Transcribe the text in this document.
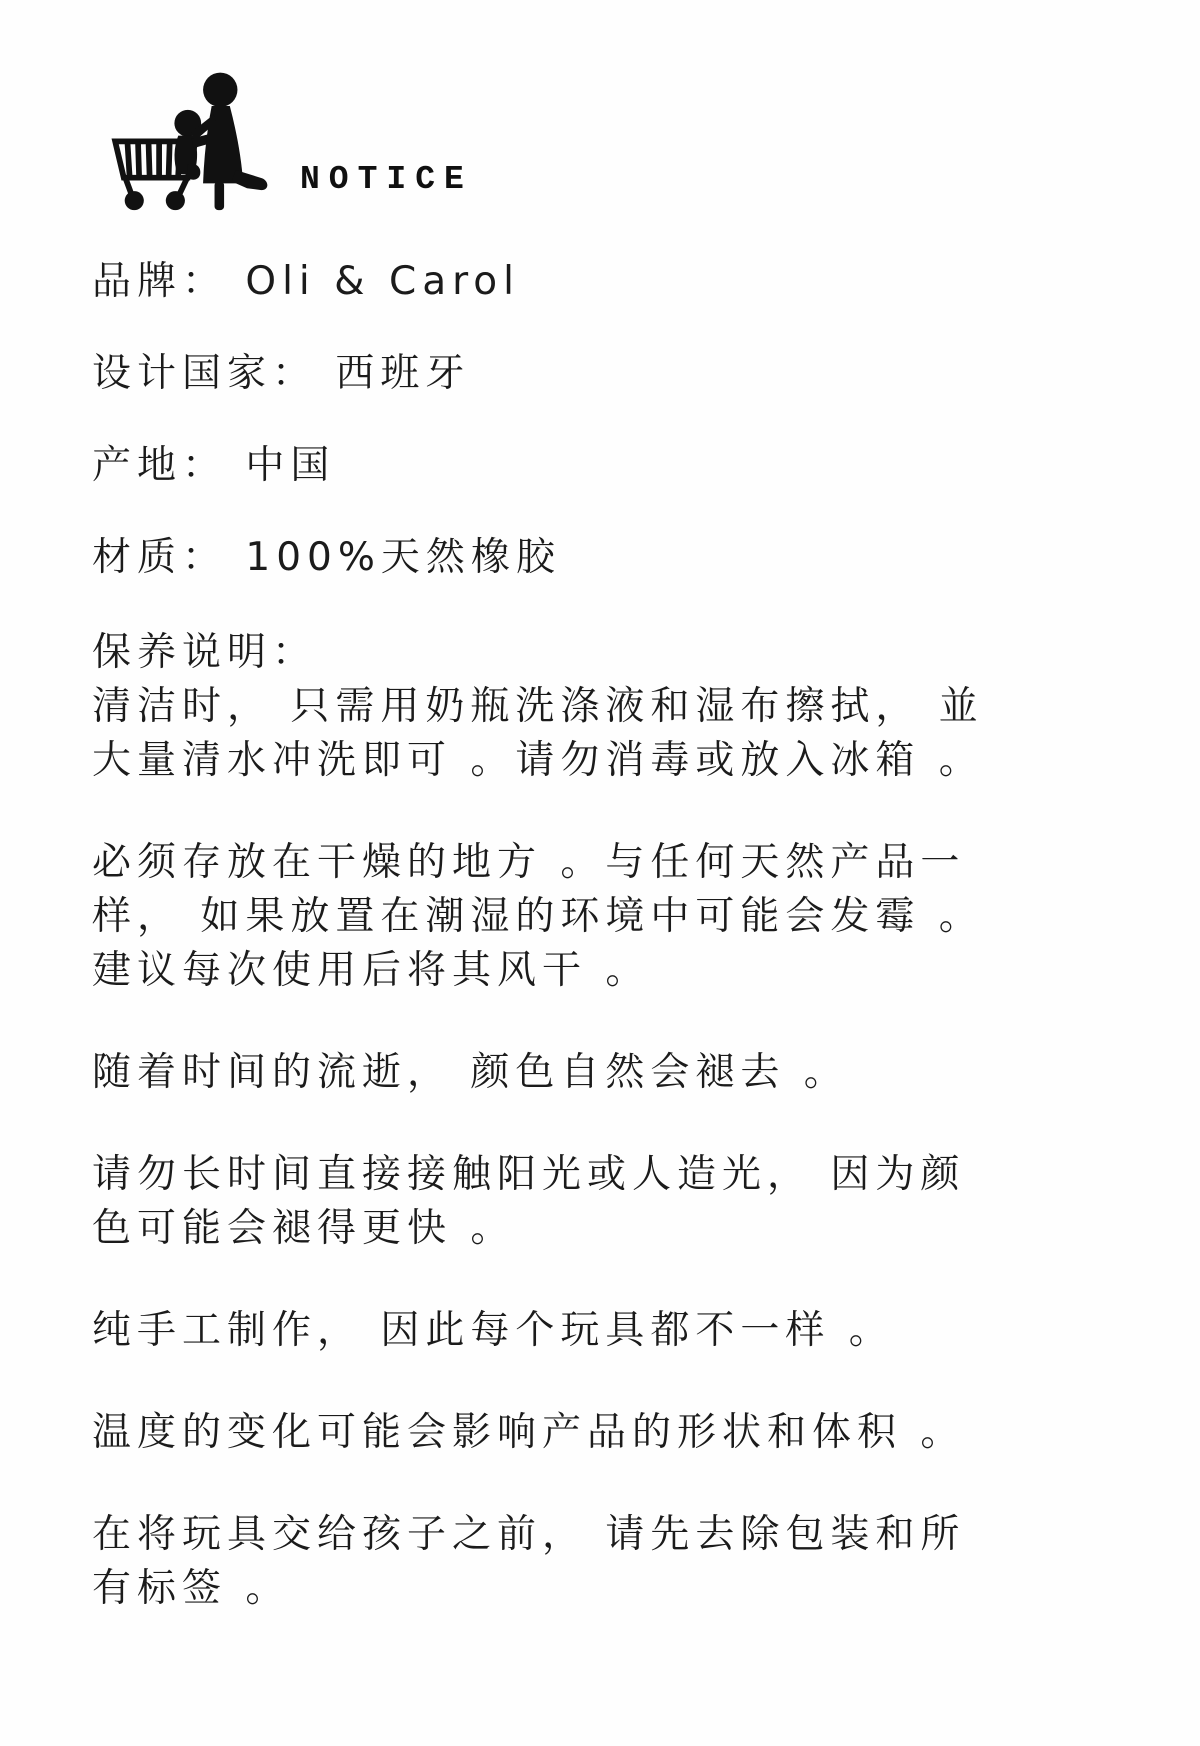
NOTICE
品牌： Oli & Carol
设计国家： 西班牙
产地： 中国
材质： 100%天然橡胶
保养说明：
清洁时， 只需用奶瓶洗涤液和湿布擦拭， 並
大量清水冲洗即可 。请勿消毒或放入冰箱 。
必须存放在干燥的地方 。与任何天然产品一
样， 如果放置在潮湿的环境中可能会发霉 。
建议每次使用后将其风干 。
随着时间的流逝， 颜色自然会褪去 。
请勿长时间直接接触阳光或人造光， 因为颜
色可能会褪得更快 。
纯手工制作， 因此每个玩具都不一样 。
温度的变化可能会影响产品的形状和体积 。
在将玩具交给孩子之前， 请先去除包装和所
有标签 。
